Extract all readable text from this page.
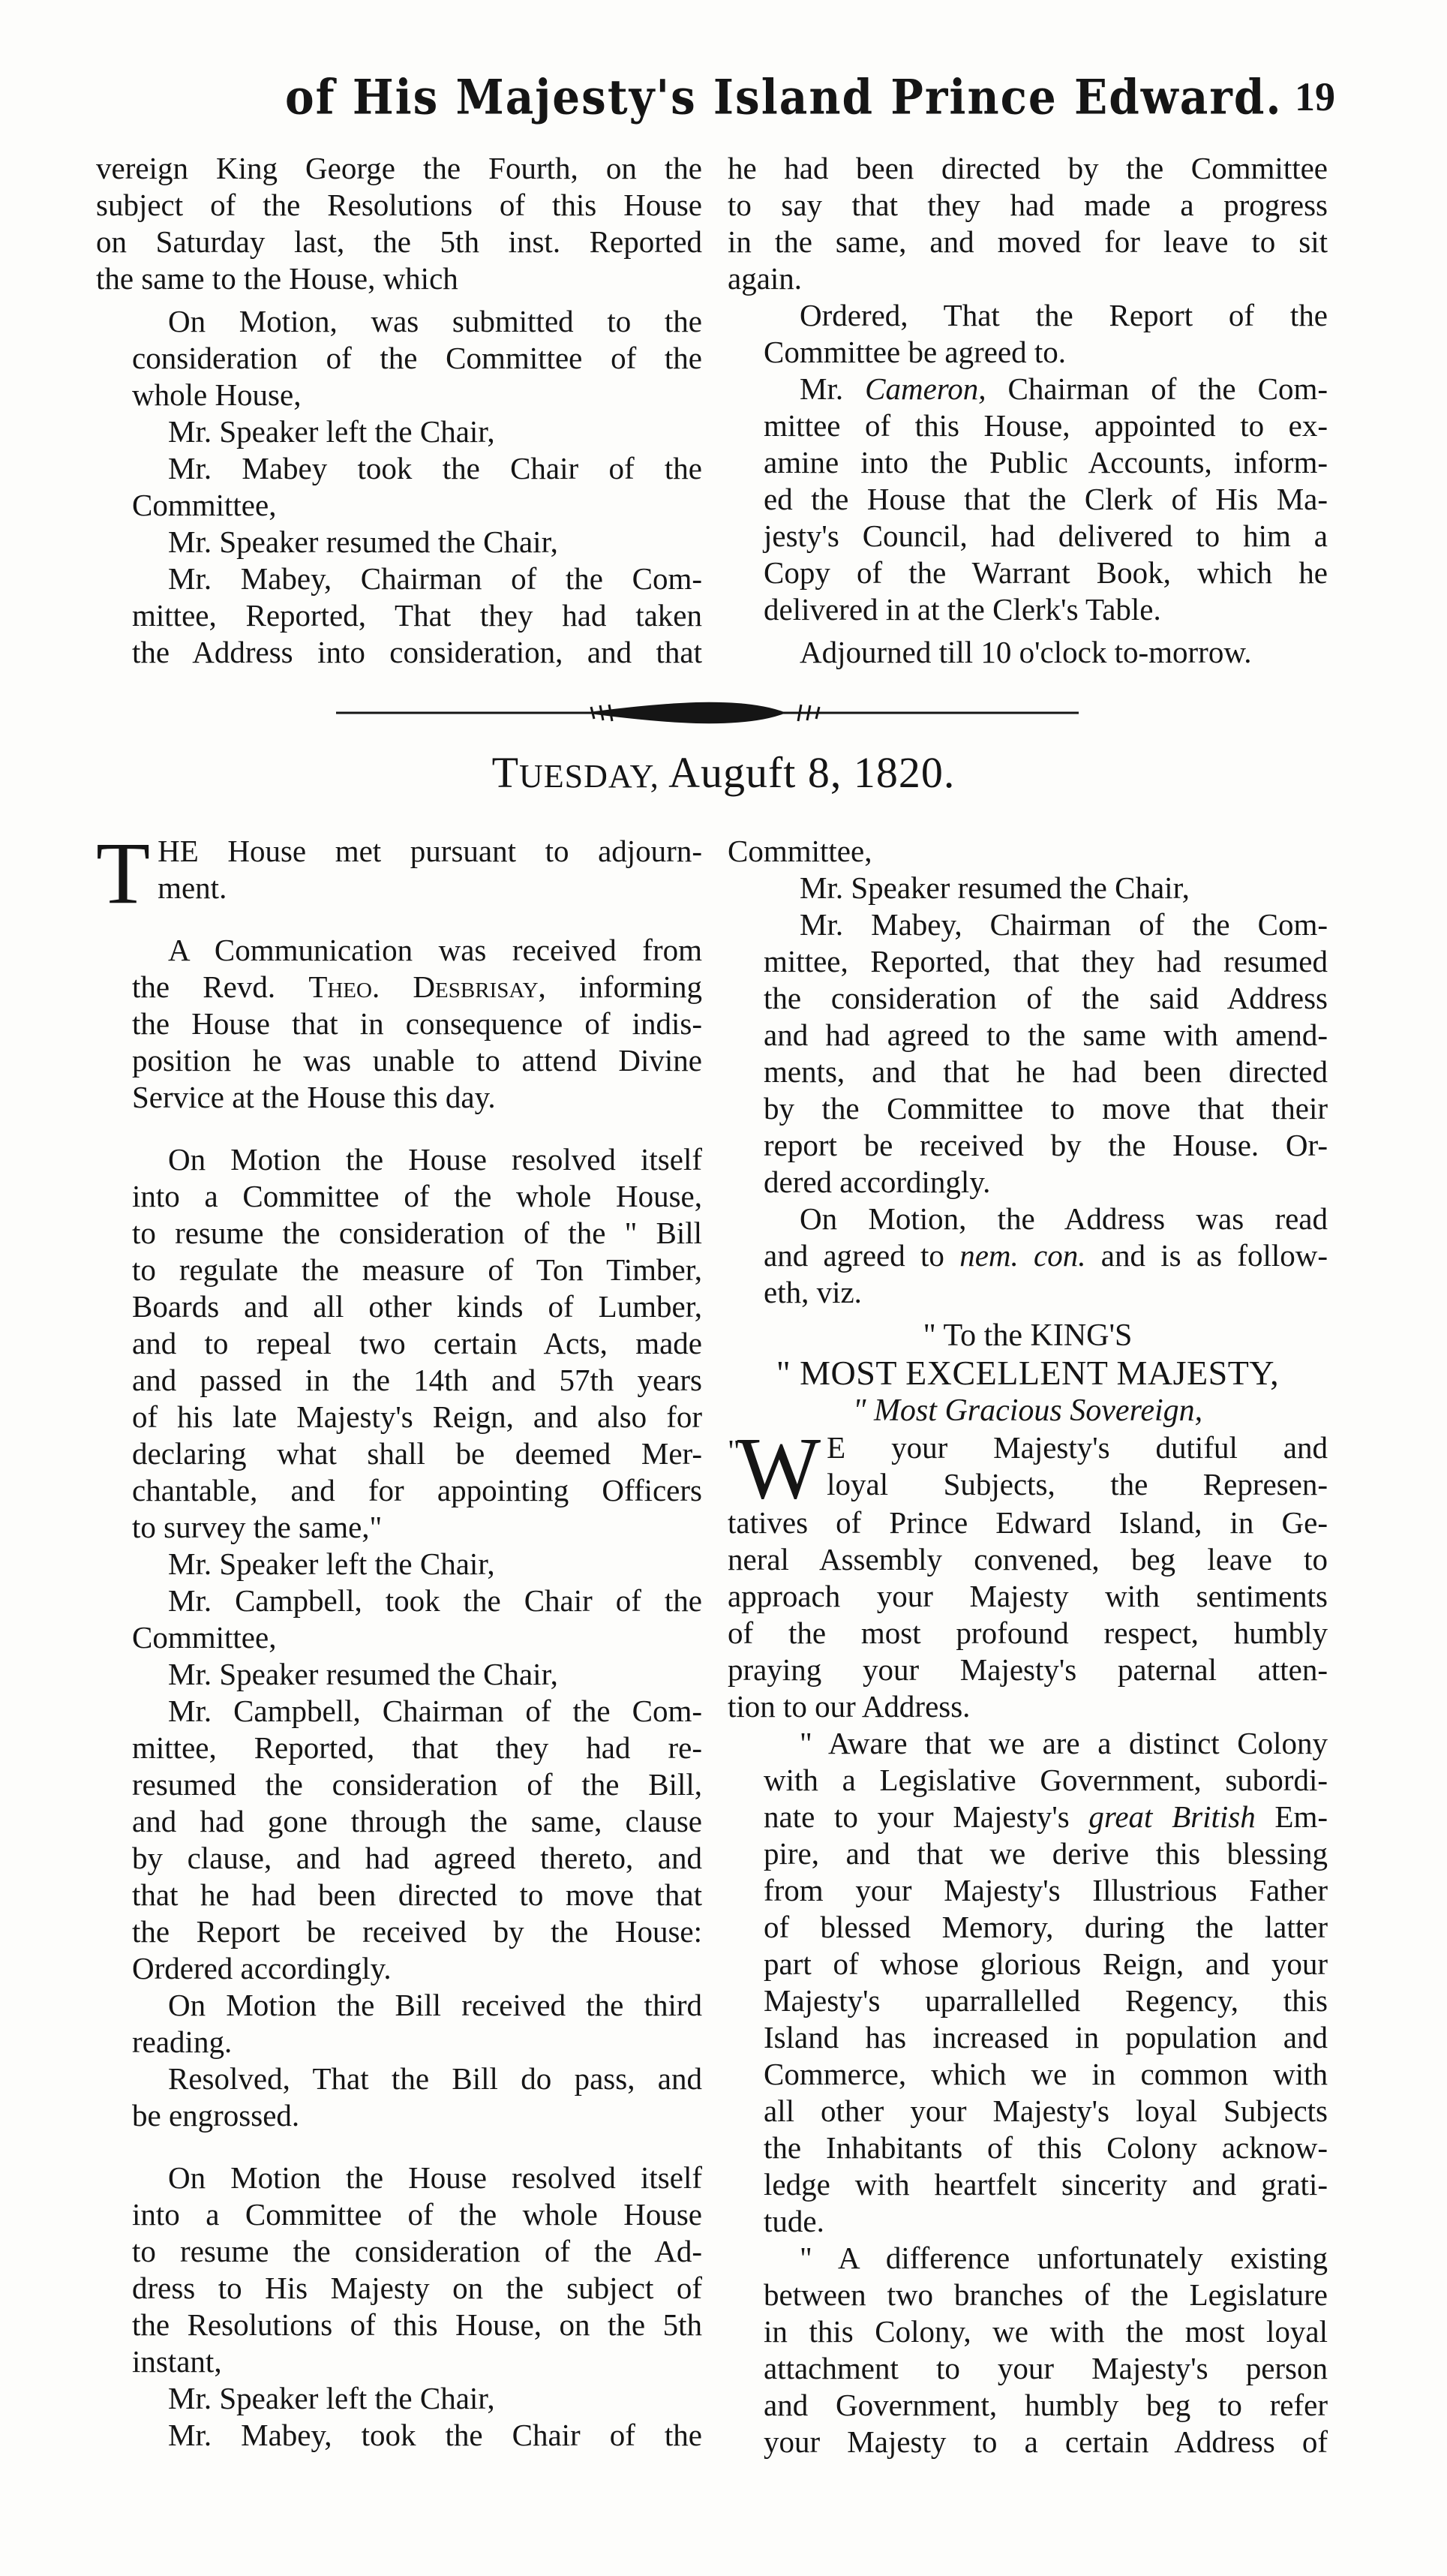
of His Majesty's Island Prince Edward. 19

vereign King George the Fourth, on the
subject of the Resolutions of this House
on Saturday last, the 5th inst. Reported
the same to the House, which

On Motion, was submitted to the
consideration of the Committee of the
whole House,

Mr. Speaker left the Chair,

Mr. Mabey took the Chair of the
Committee,

Mr. Speaker resumed the Chair,

Mr. Mabey, Chairman of the Com-
mittee, Reported, That they had taken
the Address into consideration, and that

he had been directed by the Committee
to say that they had made a progress
in the same, and moved for leave to sit
again.

Ordered, That the Report of the
Committee be agreed to.

Mr. Cameron, Chairman of the Com-
mittee of this House, appointed to ex-
amine into the Public Accounts, inform-
ed the House that the Clerk of His Ma-
jesty's Council, had delivered to him a
Copy of the Warrant Book, which he
delivered in at the Clerk's Table.

Adjourned till 10 o'clock to-morrow.

TUESDAY, Auguft 8, 1820.

T HE House met pursuant to adjourn-
ment.

A Communication was received from
the Revd. Theo. Desbrisay, informing
the House that in consequence of indis-
position he was unable to attend Divine
Service at the House this day.

On Motion the House resolved itself
into a Committee of the whole House,
to resume the consideration of the " Bill
to regulate the measure of Ton Timber,
Boards and all other kinds of Lumber,
and to repeal two certain Acts, made
and passed in the 14th and 57th years
of his late Majesty's Reign, and also for
declaring what shall be deemed Mer-
chantable, and for appointing Officers
to survey the same,"

Mr. Speaker left the Chair,

Mr. Campbell, took the Chair of the
Committee,

Mr. Speaker resumed the Chair,

Mr. Campbell, Chairman of the Com-
mittee, Reported, that they had re-
resumed the consideration of the Bill,
and had gone through the same, clause
by clause, and had agreed thereto, and
that he had been directed to move that
the Report be received by the House:
Ordered accordingly.

On Motion the Bill received the third
reading.

Resolved, That the Bill do pass, and
be engrossed.

On Motion the House resolved itself
into a Committee of the whole House
to resume the consideration of the Ad-
dress to His Majesty on the subject of
the Resolutions of this House, on the 5th
instant,

Mr. Speaker left the Chair,

Mr. Mabey, took the Chair of the

Committee,

Mr. Speaker resumed the Chair,

Mr. Mabey, Chairman of the Com-
mittee, Reported, that they had resumed
the consideration of the said Address
and had agreed to the same with amend-
ments, and that he had been directed
by the Committee to move that their
report be received by the House. Or-
dered accordingly.

On Motion, the Address was read
and agreed to nem. con. and is as follow-
eth, viz.

" To the KING'S
" MOST EXCELLENT MAJESTY,
" Most Gracious Sovereign,

"
W E your Majesty's dutiful and
loyal Subjects, the Represen-
tatives of Prince Edward Island, in Ge-
neral Assembly convened, beg leave to
approach your Majesty with sentiments
of the most profound respect, humbly
praying your Majesty's paternal atten-
tion to our Address.

" Aware that we are a distinct Colony
with a Legislative Government, subordi-
nate to your Majesty's great British Em-
pire, and that we derive this blessing
from your Majesty's Illustrious Father
of blessed Memory, during the latter
part of whose glorious Reign, and your
Majesty's uparrallelled Regency, this
Island has increased in population and
Commerce, which we in common with
all other your Majesty's loyal Subjects
the Inhabitants of this Colony acknow-
ledge with heartfelt sincerity and grati-
tude.

" A difference unfortunately existing
between two branches of the Legislature
in this Colony, we with the most loyal
attachment to your Majesty's person
and Government, humbly beg to refer
your Majesty to a certain Address of
